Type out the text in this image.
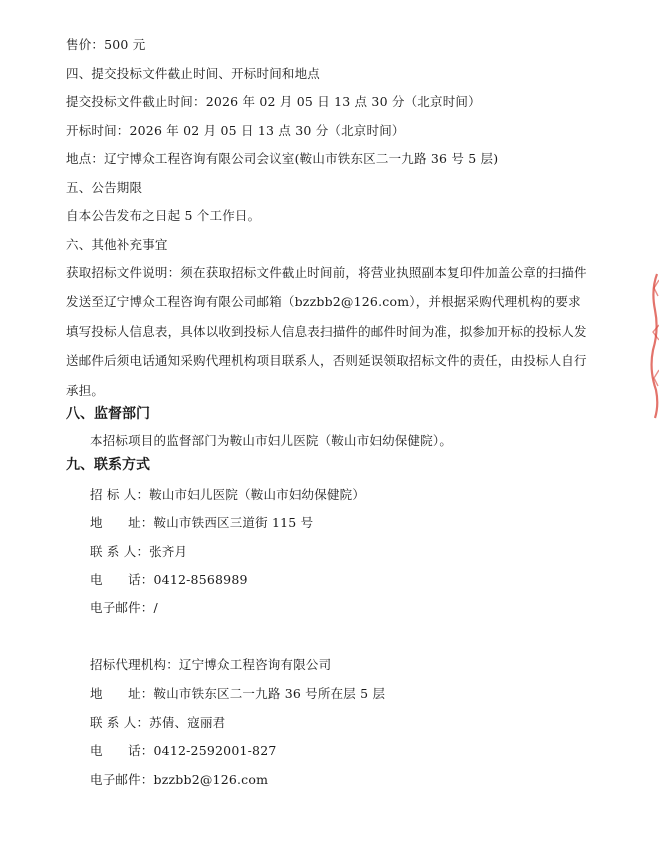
售价：500 元
四、提交投标文件截止时间、开标时间和地点
提交投标文件截止时间：2026 年 02 月 05 日 13 点 30 分（北京时间）
开标时间：2026 年 02 月 05 日 13 点 30 分（北京时间）
地点：辽宁博众工程咨询有限公司会议室(鞍山市铁东区二一九路 36 号 5 层)
五、公告期限
自本公告发布之日起 5 个工作日。
六、其他补充事宜
获取招标文件说明：须在获取招标文件截止时间前，将营业执照副本复印件加盖公章的扫描件发送至辽宁博众工程咨询有限公司邮箱（bzzbb2@126.com），并根据采购代理机构的要求填写投标人信息表，具体以收到投标人信息表扫描件的邮件时间为准，拟参加开标的投标人发送邮件后须电话通知采购代理机构项目联系人，否则延误领取招标文件的责任，由投标人自行承担。
八、监督部门
本招标项目的监督部门为鞍山市妇儿医院（鞍山市妇幼保健院）。
九、联系方式
招 标 人：鞍山市妇儿医院（鞍山市妇幼保健院）
地　　址：鞍山市铁西区三道街 115 号
联 系 人：张齐月
电　　话：0412-8568989
电子邮件：/
招标代理机构：辽宁博众工程咨询有限公司
地　　址：鞍山市铁东区二一九路 36 号所在层 5 层
联 系 人：苏倩、寇丽君
电　　话：0412-2592001-827
电子邮件：bzzbb2@126.com
